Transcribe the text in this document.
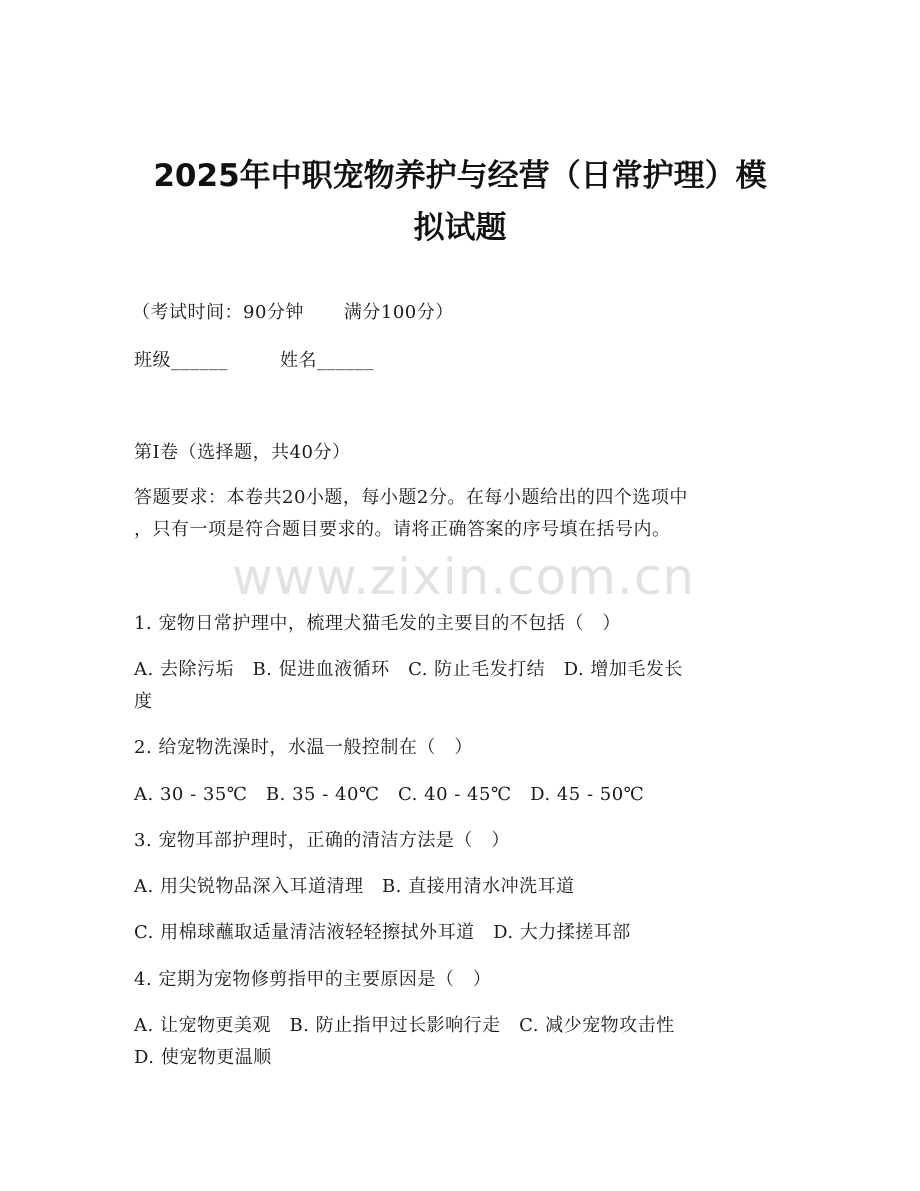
2025年中职宠物养护与经营（日常护理）模
拟试题
（考试时间：90分钟 满分100分）
班级______	姓名______
第I卷（选择题，共40分）
答题要求：本卷共20小题，每小题2分。在每小题给出的四个选项中
，只有一项是符合题目要求的。请将正确答案的序号填在括号内。
www.zixin.com.cn
1. 宠物日常护理中，梳理犬猫毛发的主要目的不包括（　）
A. 去除污垢　B. 促进血液循环　C. 防止毛发打结　D. 增加毛发长
度
2. 给宠物洗澡时，水温一般控制在（　）
A. 30 - 35℃　B. 35 - 40℃　C. 40 - 45℃　D. 45 - 50℃
3. 宠物耳部护理时，正确的清洁方法是（　）
A. 用尖锐物品深入耳道清理　B. 直接用清水冲洗耳道
C. 用棉球蘸取适量清洁液轻轻擦拭外耳道　D. 大力揉搓耳部
4. 定期为宠物修剪指甲的主要原因是（　）
A. 让宠物更美观　B. 防止指甲过长影响行走　C. 减少宠物攻击性
D. 使宠物更温顺
